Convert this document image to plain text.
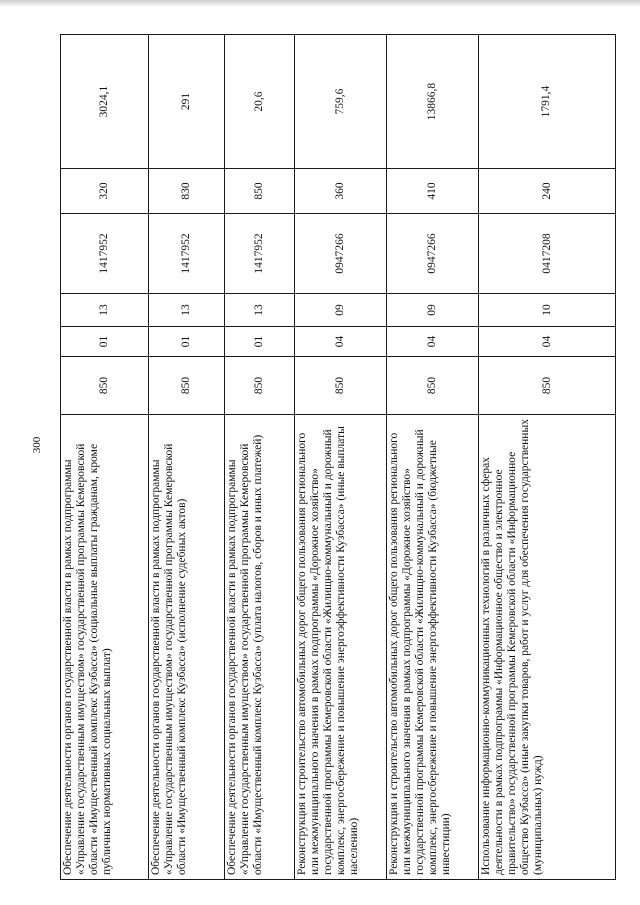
300
Обеспечение деятельности органов государственной власти в рамках подпрограммы «Управление государственным имуществом» государственной программы Кемеровской области «Имущественный комплекс Кузбасса» (социальные выплаты гражданам, кроме публичных нормативных социальных выплат)	850	01	13	1417952	320	3024,1
Обеспечение деятельности органов государственной власти в рамках подпрограммы «Управление государственным имуществом» государственной программы Кемеровской области «Имущественный комплекс Кузбасса» (исполнение судебных актов)	850	01	13	1417952	830	291
Обеспечение деятельности органов государственной власти в рамках подпрограммы «Управление государственным имуществом» государственной программы Кемеровской области «Имущественный комплекс Кузбасса» (уплата налогов, сборов и иных платежей)	850	01	13	1417952	850	20,6
Реконструкция и строительство автомобильных дорог общего пользования регионального или межмуниципального значения в рамках подпрограммы «Дорожное хозяйство» государственной программы Кемеровской области «Жилищно-коммунальный и дорожный комплекс, энергосбережение и повышение энергоэффективности Кузбасса» (иные выплаты населению)	850	04	09	0947266	360	759,6
Реконструкция и строительство автомобильных дорог общего пользования регионального или межмуниципального значения в рамках подпрограммы «Дорожное хозяйство» государственной программы Кемеровской области «Жилищно-коммунальный и дорожный комплекс, энергосбережение и повышение энергоэффективности Кузбасса» (бюджетные инвестиции)	850	04	09	0947266	410	13866,8
Использование информационно-коммуникационных технологий в различных сферах деятельности в рамках подпрограммы «Информационное общество и электронное правительство» государственной программы Кемеровской области «Информационное общество Кузбасса» (иные закупки товаров, работ и услуг для обеспечения государственных (муниципальных) нужд)	850	04	10	0417208	240	1791,4
